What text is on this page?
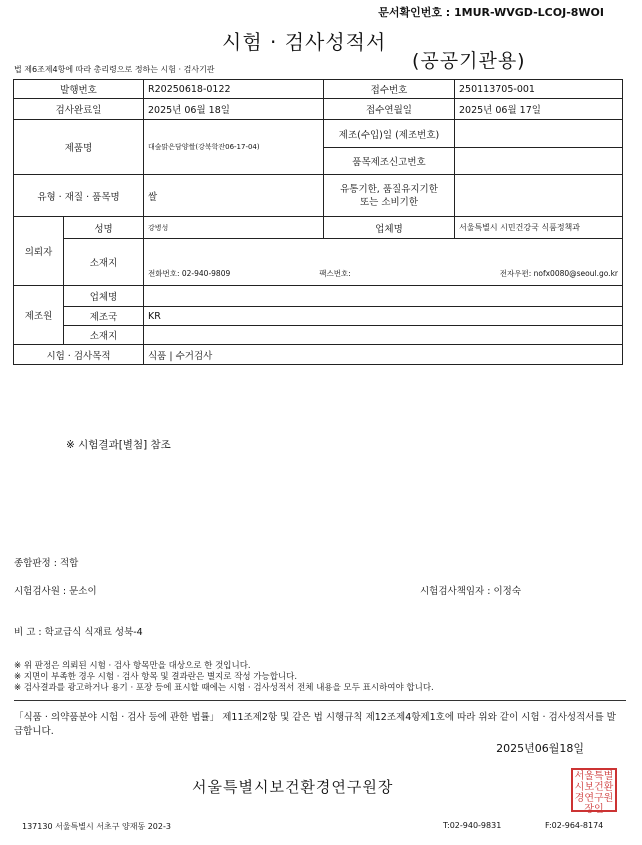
문서확인번호 : 1MUR-WVGD-LCOJ-8WOI
시험 · 검사성적서
(공공기관용)
법 제6조제4항에 따라 총리령으로 정하는 시험 · 검사기관
발행번호		R20250618-0122	접수번호	250113705-001
검사완료일		2025년 06월 18일	접수연월일	2025년 06월 17일
제품명		대숲맑은담양쌀(강북학잔06-17-04)	제조(수입)일 (제조번호)	
			품목제조신고번호	
유형 · 재질 · 품목명		쌀	유통기한, 품질유지기한
또는 소비기한	
의뢰자	성명	강병성	업체명	서울특별시 시민건강국 식품정책과
	소재지	전화번호: 02-940-9809 팩스번호: 전자우편: nofx0080@seoul.go.kr		

제조원	업체명			
	제조국	KR		
	소재지			
시험 · 검사목적		식품 | 수거검사		
※ 시험결과[별첨] 참조
종합판정 : 적합
시험검사원 : 문소이	시험검사책임자 : 이정숙
비 고 : 학교급식 식재료 성북-4
※ 위 판정은 의뢰된 시험 · 검사 항목만을 대상으로 한 것입니다.
※ 지면이 부족한 경우 시험 · 검사 항목 및 결과란은 별지로 작성 가능합니다.
※ 검사결과를 광고하거나 용기 · 포장 등에 표시할 때에는 시험 · 검사성적서 전체 내용을 모두 표시하여야 합니다.
「식품 · 의약품분야 시험 · 검사 등에 관한 법률」 제11조제2항 및 같은 법 시행규칙 제12조제4항제1호에 따라 위와 같이 시험 · 검사성적서를 발급합니다.
2025년06월18일
서울특별시보건환경연구원장
서울특별시보건환경연구원장인
137130 서울특별시 서초구 양재동 202-3	T:02-940-9831	F:02-964-8174
